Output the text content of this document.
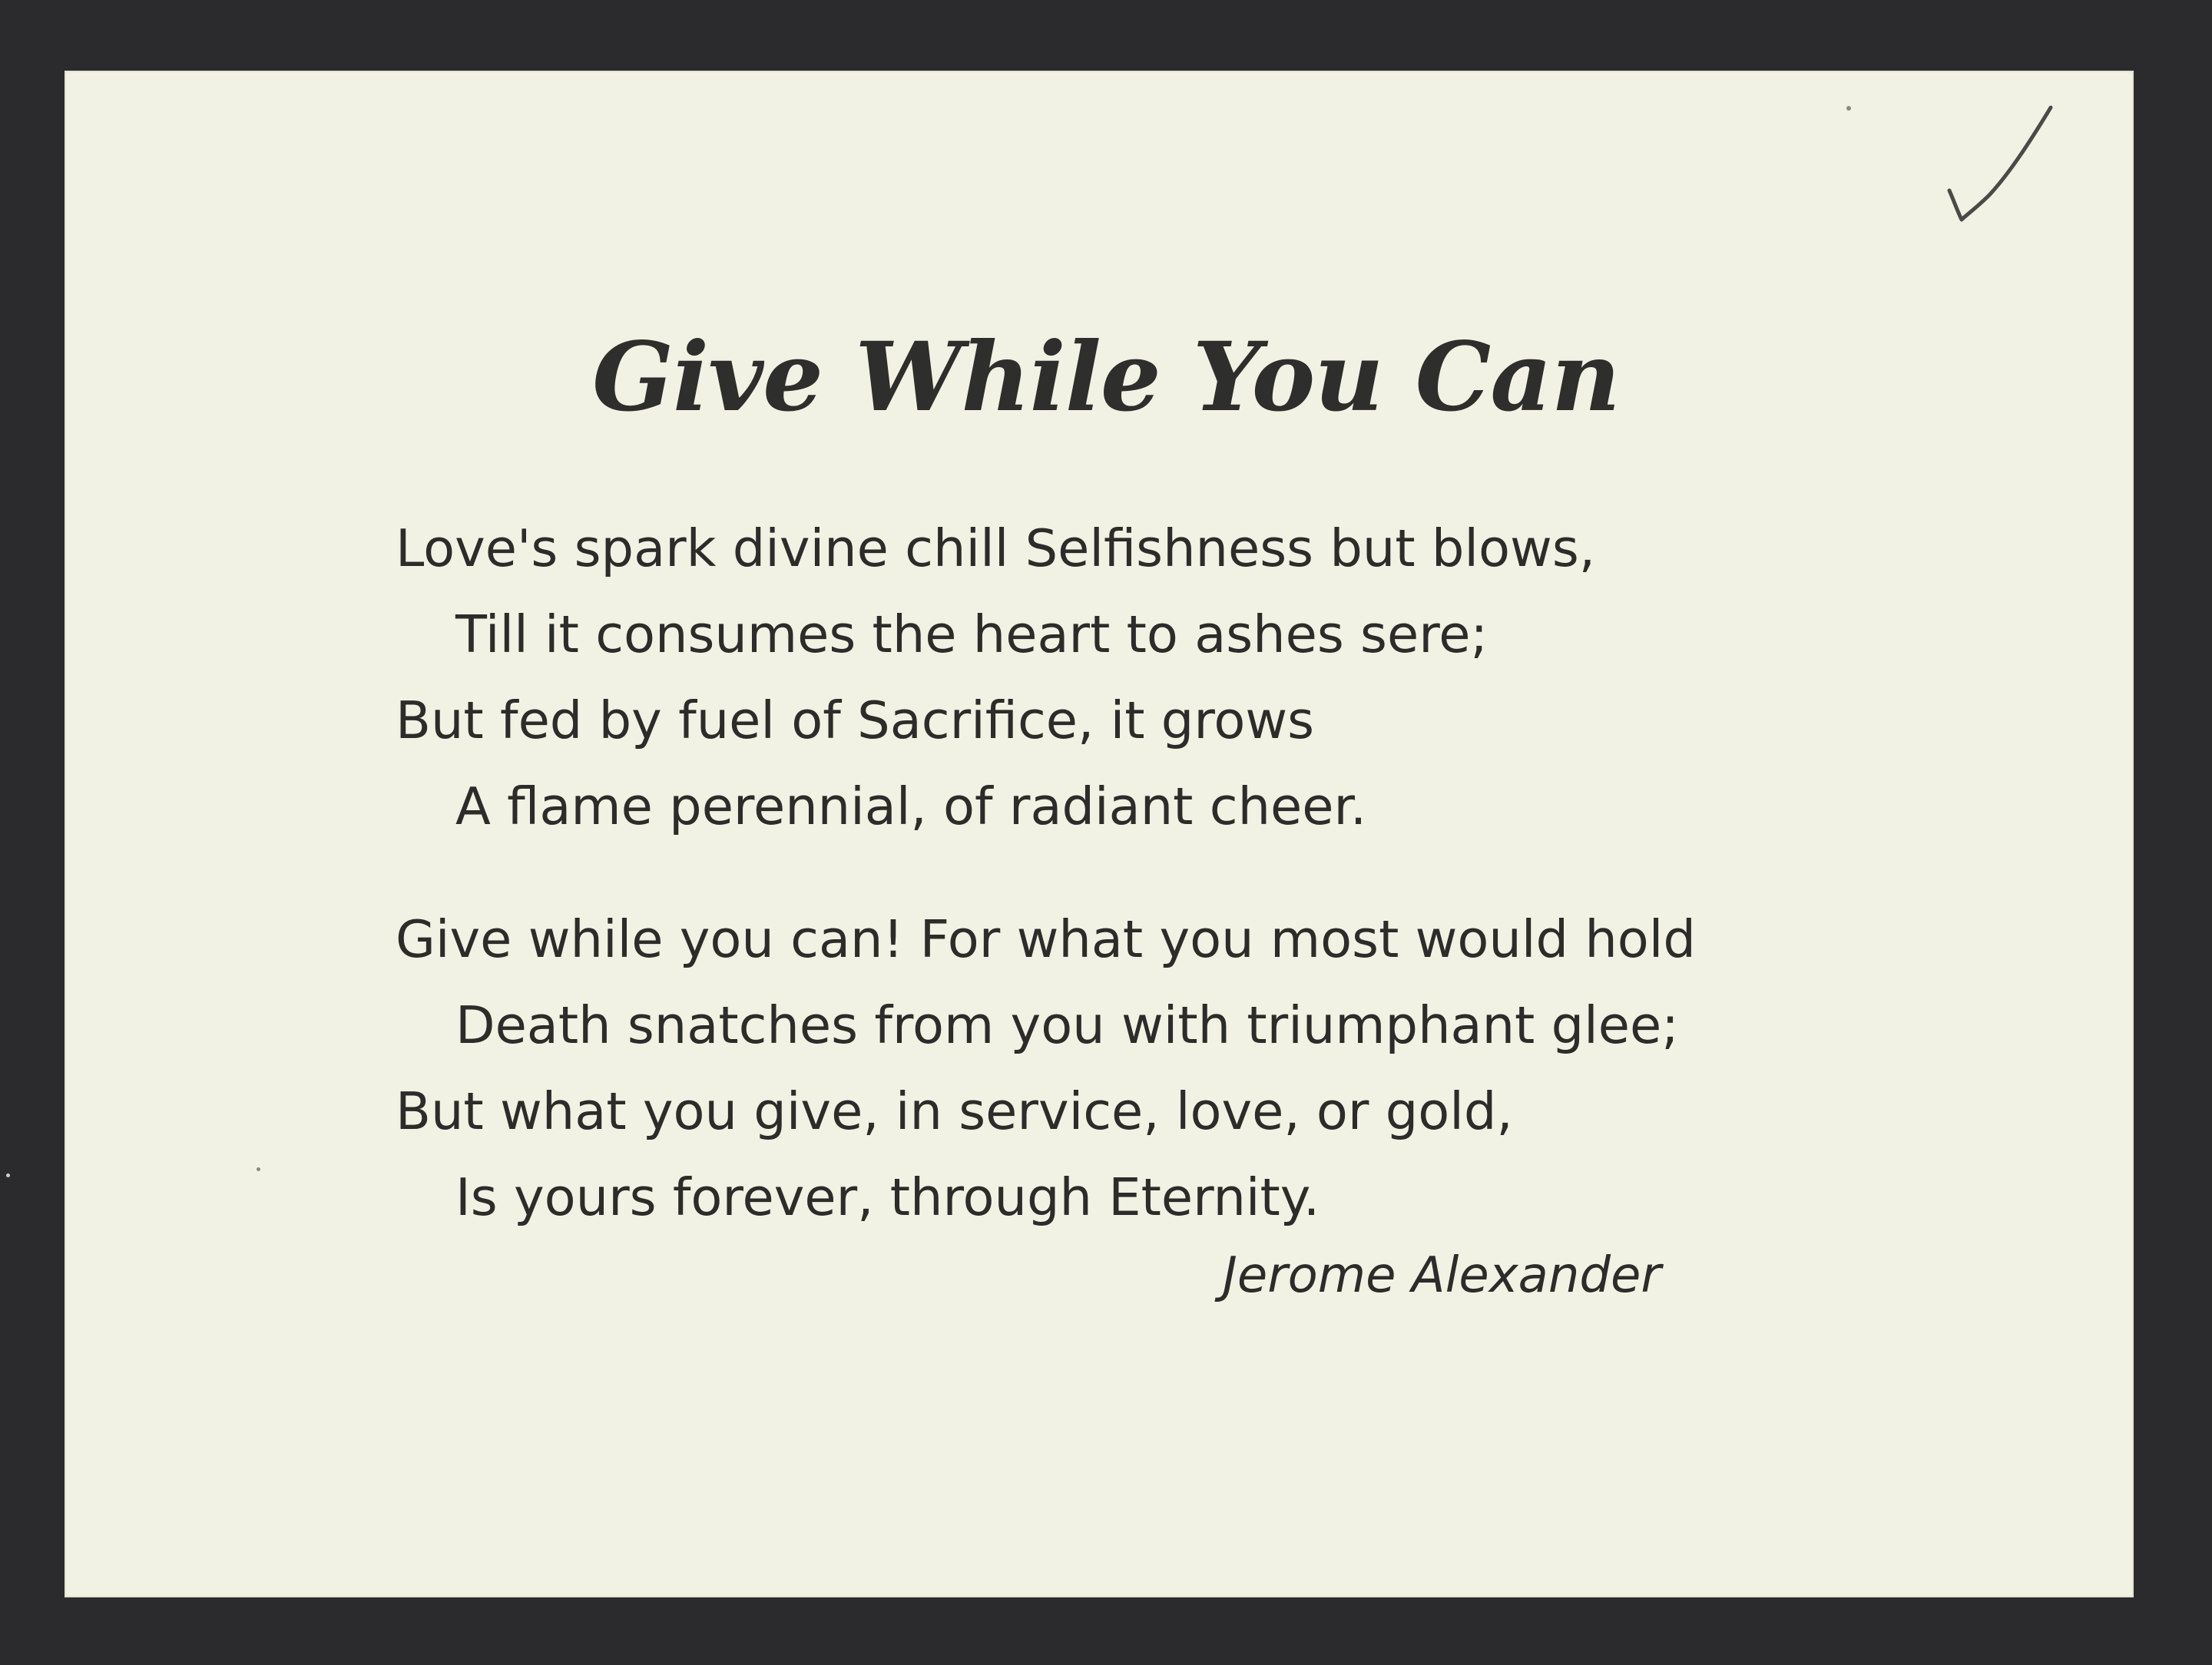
Give While You Can

Love's spark divine chill Selfishness but blows,
Till it consumes the heart to ashes sere;
But fed by fuel of Sacrifice, it grows
A flame perennial, of radiant cheer.

Give while you can! For what you most would hold
Death snatches from you with triumphant glee;
But what you give, in service, love, or gold,
Is yours forever, through Eternity.

Jerome Alexander
